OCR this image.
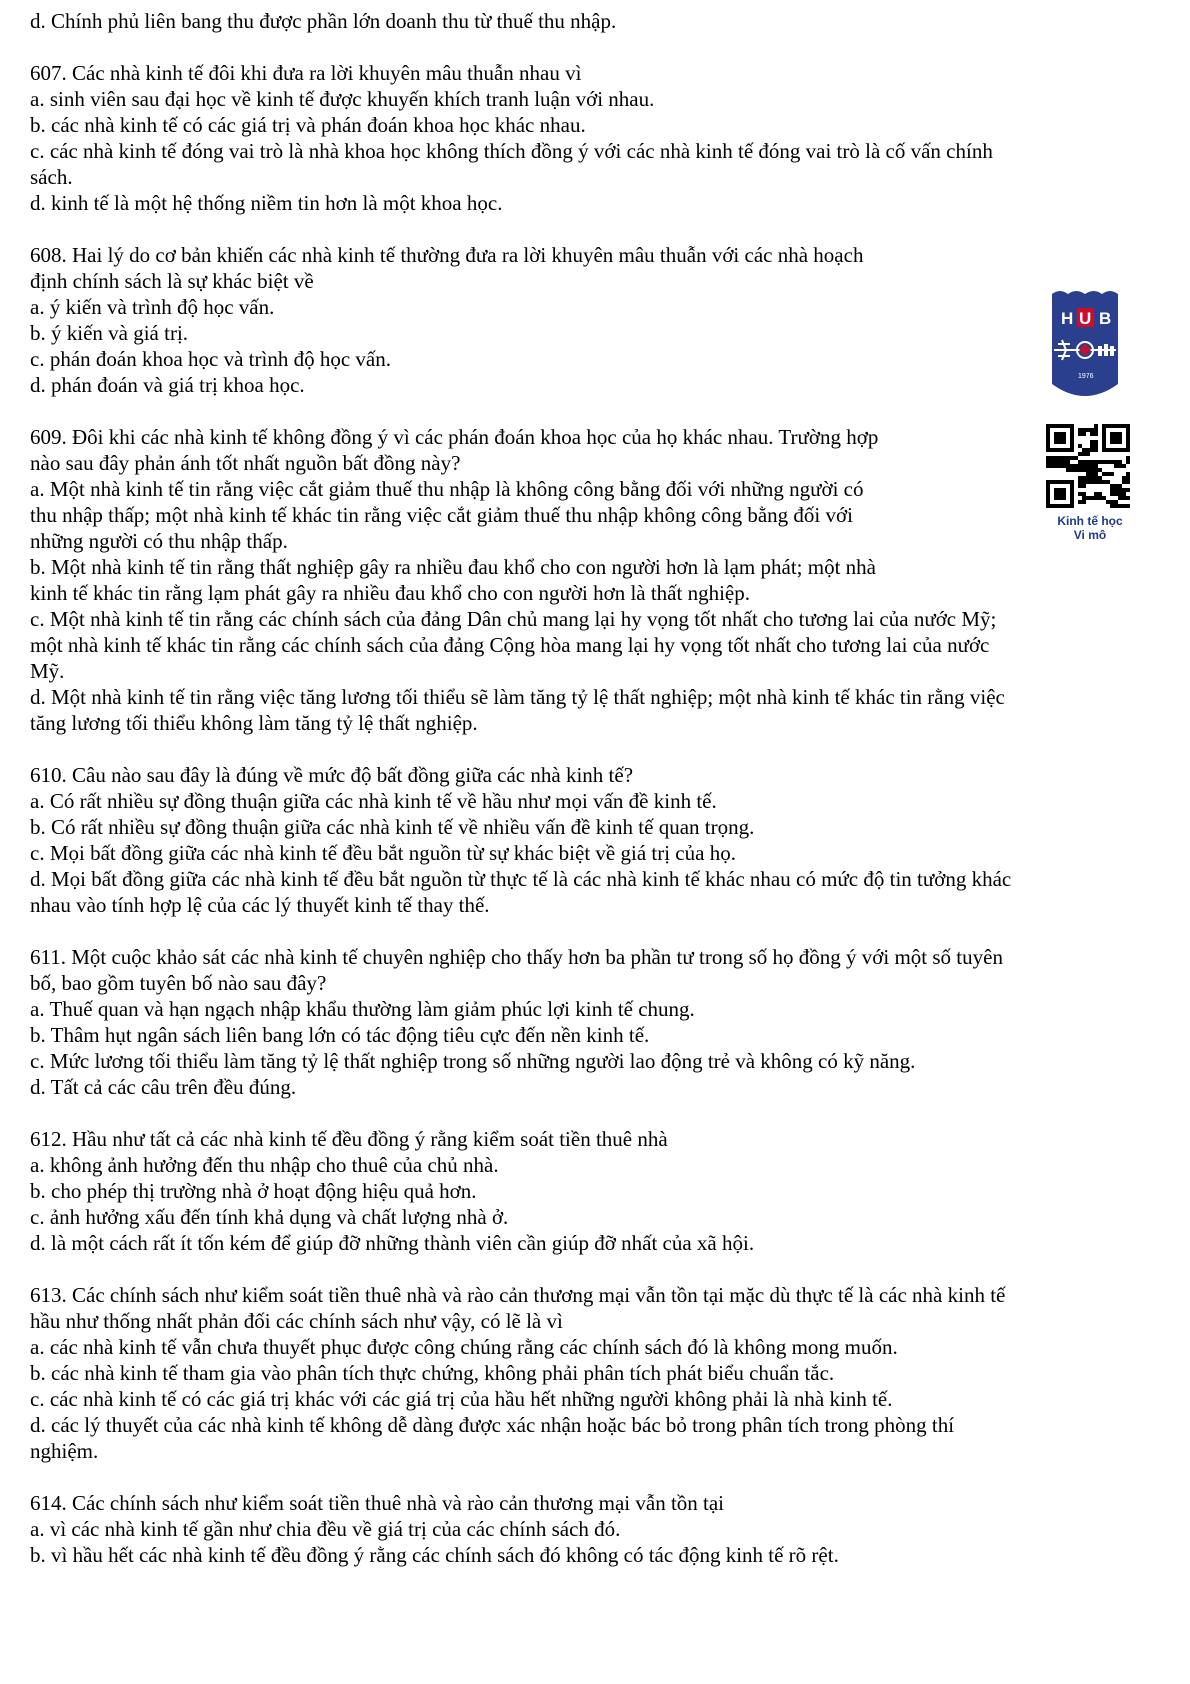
d. Chính phủ liên bang thu được phần lớn doanh thu từ thuế thu nhập.
607. Các nhà kinh tế đôi khi đưa ra lời khuyên mâu thuẫn nhau vì
a. sinh viên sau đại học về kinh tế được khuyến khích tranh luận với nhau.
b. các nhà kinh tế có các giá trị và phán đoán khoa học khác nhau.
c. các nhà kinh tế đóng vai trò là nhà khoa học không thích đồng ý với các nhà kinh tế đóng vai trò là cố vấn chính
sách.
d. kinh tế là một hệ thống niềm tin hơn là một khoa học.
608. Hai lý do cơ bản khiến các nhà kinh tế thường đưa ra lời khuyên mâu thuẫn với các nhà hoạch
định chính sách là sự khác biệt về
a. ý kiến và trình độ học vấn.
b. ý kiến và giá trị.
c. phán đoán khoa học và trình độ học vấn.
d. phán đoán và giá trị khoa học.
609. Đôi khi các nhà kinh tế không đồng ý vì các phán đoán khoa học của họ khác nhau. Trường hợp
nào sau đây phản ánh tốt nhất nguồn bất đồng này?
a. Một nhà kinh tế tin rằng việc cắt giảm thuế thu nhập là không công bằng đối với những người có
thu nhập thấp; một nhà kinh tế khác tin rằng việc cắt giảm thuế thu nhập không công bằng đối với
những người có thu nhập thấp.
b. Một nhà kinh tế tin rằng thất nghiệp gây ra nhiều đau khổ cho con người hơn là lạm phát; một nhà
kinh tế khác tin rằng lạm phát gây ra nhiều đau khổ cho con người hơn là thất nghiệp.
c. Một nhà kinh tế tin rằng các chính sách của đảng Dân chủ mang lại hy vọng tốt nhất cho tương lai của nước Mỹ;
một nhà kinh tế khác tin rằng các chính sách của đảng Cộng hòa mang lại hy vọng tốt nhất cho tương lai của nước
Mỹ.
d. Một nhà kinh tế tin rằng việc tăng lương tối thiểu sẽ làm tăng tỷ lệ thất nghiệp; một nhà kinh tế khác tin rằng việc
tăng lương tối thiểu không làm tăng tỷ lệ thất nghiệp.
610. Câu nào sau đây là đúng về mức độ bất đồng giữa các nhà kinh tế?
a. Có rất nhiều sự đồng thuận giữa các nhà kinh tế về hầu như mọi vấn đề kinh tế.
b. Có rất nhiều sự đồng thuận giữa các nhà kinh tế về nhiều vấn đề kinh tế quan trọng.
c. Mọi bất đồng giữa các nhà kinh tế đều bắt nguồn từ sự khác biệt về giá trị của họ.
d. Mọi bất đồng giữa các nhà kinh tế đều bắt nguồn từ thực tế là các nhà kinh tế khác nhau có mức độ tin tưởng khác
nhau vào tính hợp lệ của các lý thuyết kinh tế thay thế.
611. Một cuộc khảo sát các nhà kinh tế chuyên nghiệp cho thấy hơn ba phần tư trong số họ đồng ý với một số tuyên
bố, bao gồm tuyên bố nào sau đây?
a. Thuế quan và hạn ngạch nhập khẩu thường làm giảm phúc lợi kinh tế chung.
b. Thâm hụt ngân sách liên bang lớn có tác động tiêu cực đến nền kinh tế.
c. Mức lương tối thiểu làm tăng tỷ lệ thất nghiệp trong số những người lao động trẻ và không có kỹ năng.
d. Tất cả các câu trên đều đúng.
612. Hầu như tất cả các nhà kinh tế đều đồng ý rằng kiểm soát tiền thuê nhà
a. không ảnh hưởng đến thu nhập cho thuê của chủ nhà.
b. cho phép thị trường nhà ở hoạt động hiệu quả hơn.
c. ảnh hưởng xấu đến tính khả dụng và chất lượng nhà ở.
d. là một cách rất ít tốn kém để giúp đỡ những thành viên cần giúp đỡ nhất của xã hội.
613. Các chính sách như kiểm soát tiền thuê nhà và rào cản thương mại vẫn tồn tại mặc dù thực tế là các nhà kinh tế
hầu như thống nhất phản đối các chính sách như vậy, có lẽ là vì
a. các nhà kinh tế vẫn chưa thuyết phục được công chúng rằng các chính sách đó là không mong muốn.
b. các nhà kinh tế tham gia vào phân tích thực chứng, không phải phân tích phát biểu chuẩn tắc.
c. các nhà kinh tế có các giá trị khác với các giá trị của hầu hết những người không phải là nhà kinh tế.
d. các lý thuyết của các nhà kinh tế không dễ dàng được xác nhận hoặc bác bỏ trong phân tích trong phòng thí
nghiệm.
614. Các chính sách như kiểm soát tiền thuê nhà và rào cản thương mại vẫn tồn tại
a. vì các nhà kinh tế gần như chia đều về giá trị của các chính sách đó.
b. vì hầu hết các nhà kinh tế đều đồng ý rằng các chính sách đó không có tác động kinh tế rõ rệt.
H U B
1976
Kinh tế học
Vi mô
